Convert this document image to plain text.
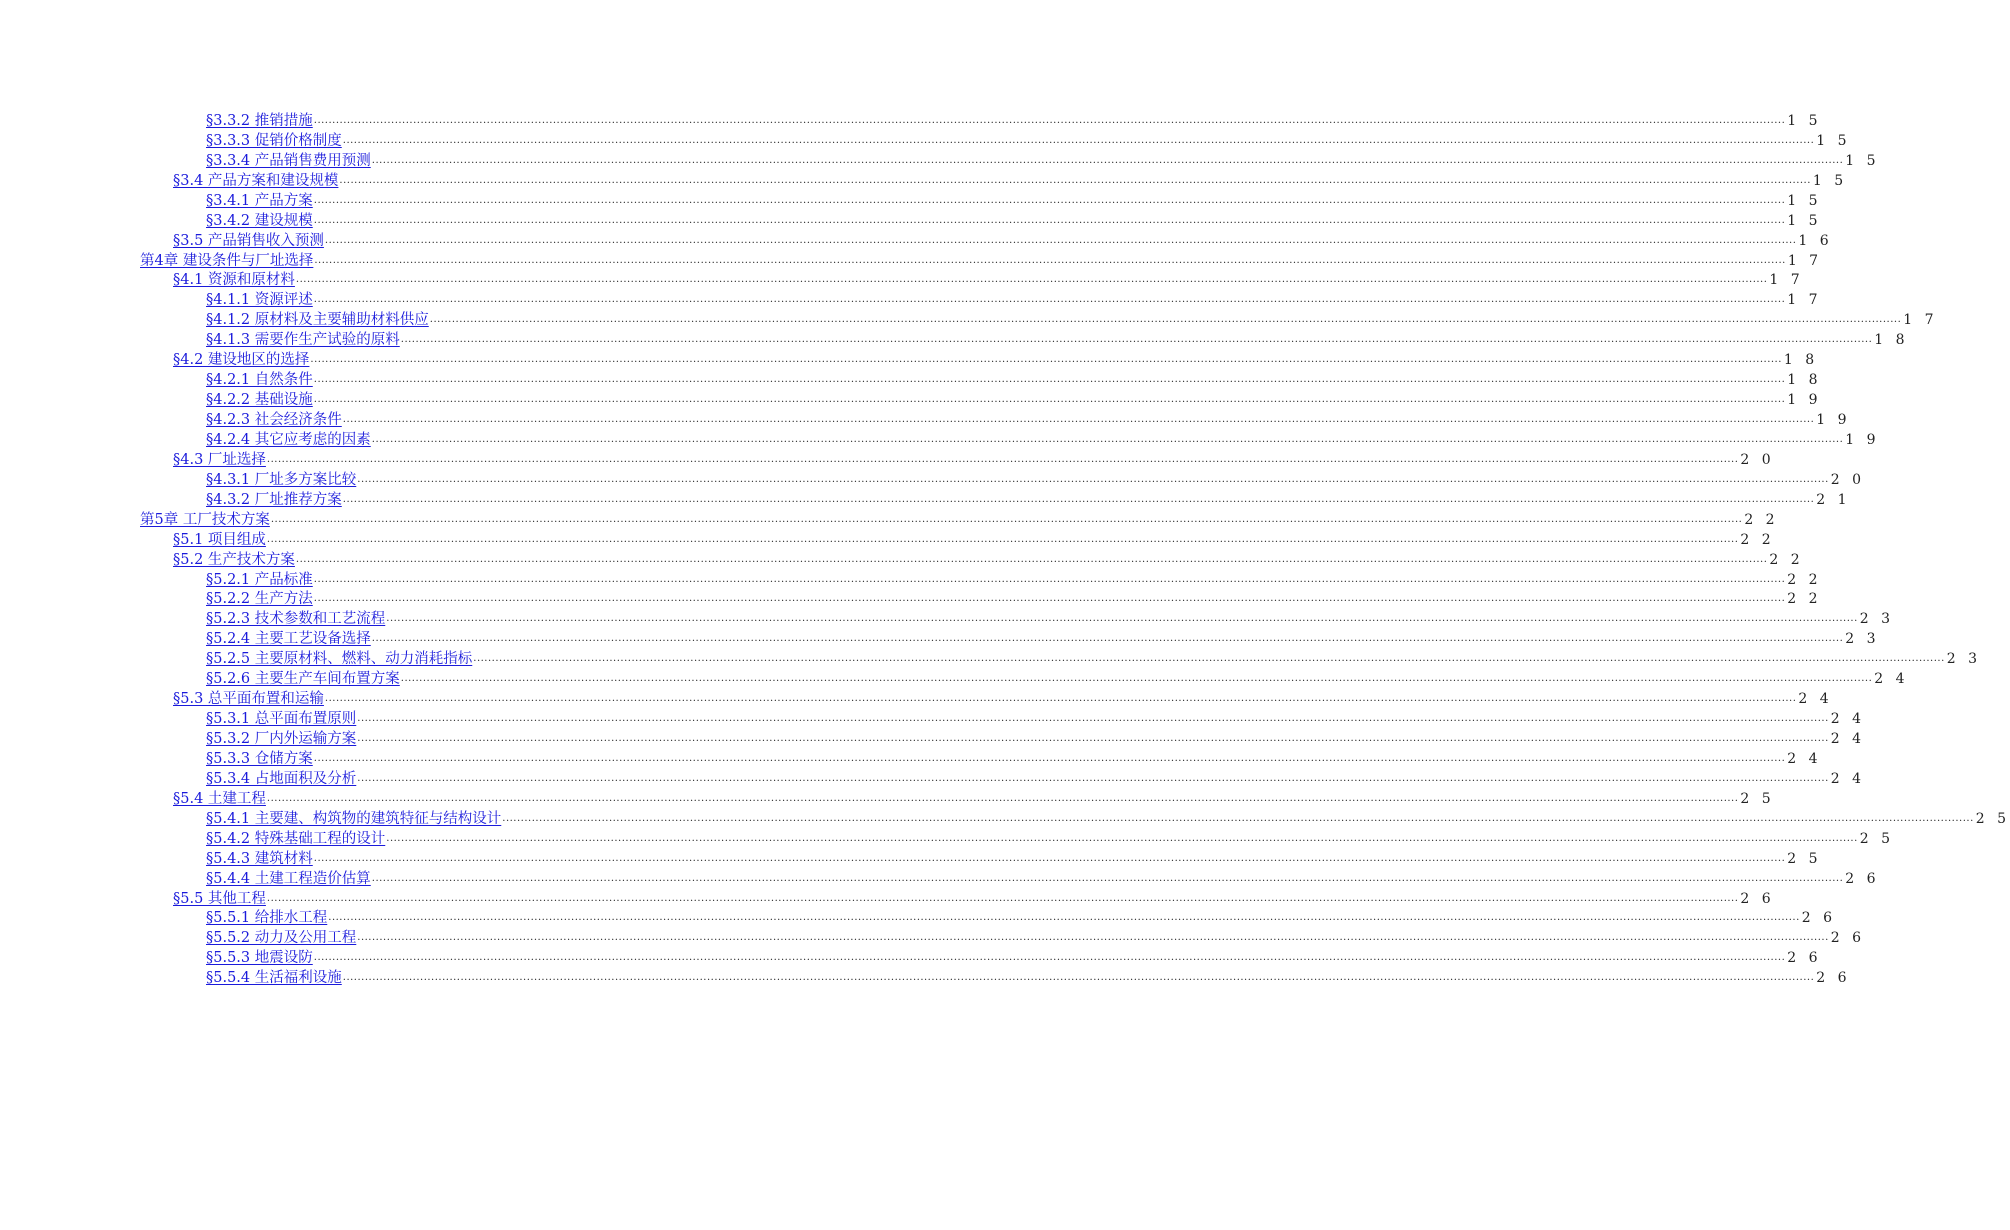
§3.3.2 推销措施 ................................................................................................................................................................................................................................................................................................................................................................................................................ 1 5
§3.3.3 促销价格制度 ................................................................................................................................................................................................................................................................................................................................................................................................................ 1 5
§3.3.4 产品销售费用预测 ................................................................................................................................................................................................................................................................................................................................................................................................................ 1 5
§3.4 产品方案和建设规模 ................................................................................................................................................................................................................................................................................................................................................................................................................ 1 5
§3.4.1 产品方案 ................................................................................................................................................................................................................................................................................................................................................................................................................ 1 5
§3.4.2 建设规模 ................................................................................................................................................................................................................................................................................................................................................................................................................ 1 5
§3.5 产品销售收入预测 ................................................................................................................................................................................................................................................................................................................................................................................................................ 1 6
第4章 建设条件与厂址选择 ................................................................................................................................................................................................................................................................................................................................................................................................................ 1 7
§4.1 资源和原材料 ................................................................................................................................................................................................................................................................................................................................................................................................................ 1 7
§4.1.1 资源评述 ................................................................................................................................................................................................................................................................................................................................................................................................................ 1 7
§4.1.2 原材料及主要辅助材料供应 ................................................................................................................................................................................................................................................................................................................................................................................................................ 1 7
§4.1.3 需要作生产试验的原料 ................................................................................................................................................................................................................................................................................................................................................................................................................ 1 8
§4.2 建设地区的选择 ................................................................................................................................................................................................................................................................................................................................................................................................................ 1 8
§4.2.1 自然条件 ................................................................................................................................................................................................................................................................................................................................................................................................................ 1 8
§4.2.2 基础设施 ................................................................................................................................................................................................................................................................................................................................................................................................................ 1 9
§4.2.3 社会经济条件 ................................................................................................................................................................................................................................................................................................................................................................................................................ 1 9
§4.2.4 其它应考虑的因素 ................................................................................................................................................................................................................................................................................................................................................................................................................ 1 9
§4.3 厂址选择 ................................................................................................................................................................................................................................................................................................................................................................................................................ 2 0
§4.3.1 厂址多方案比较 ................................................................................................................................................................................................................................................................................................................................................................................................................ 2 0
§4.3.2 厂址推荐方案 ................................................................................................................................................................................................................................................................................................................................................................................................................ 2 1
第5章 工厂技术方案 ................................................................................................................................................................................................................................................................................................................................................................................................................ 2 2
§5.1 项目组成 ................................................................................................................................................................................................................................................................................................................................................................................................................ 2 2
§5.2 生产技术方案 ................................................................................................................................................................................................................................................................................................................................................................................................................ 2 2
§5.2.1 产品标准 ................................................................................................................................................................................................................................................................................................................................................................................................................ 2 2
§5.2.2 生产方法 ................................................................................................................................................................................................................................................................................................................................................................................................................ 2 2
§5.2.3 技术参数和工艺流程 ................................................................................................................................................................................................................................................................................................................................................................................................................ 2 3
§5.2.4 主要工艺设备选择 ................................................................................................................................................................................................................................................................................................................................................................................................................ 2 3
§5.2.5 主要原材料、燃料、动力消耗指标 ................................................................................................................................................................................................................................................................................................................................................................................................................ 2 3
§5.2.6 主要生产车间布置方案 ................................................................................................................................................................................................................................................................................................................................................................................................................ 2 4
§5.3 总平面布置和运输 ................................................................................................................................................................................................................................................................................................................................................................................................................ 2 4
§5.3.1 总平面布置原则 ................................................................................................................................................................................................................................................................................................................................................................................................................ 2 4
§5.3.2 厂内外运输方案 ................................................................................................................................................................................................................................................................................................................................................................................................................ 2 4
§5.3.3 仓储方案 ................................................................................................................................................................................................................................................................................................................................................................................................................ 2 4
§5.3.4 占地面积及分析 ................................................................................................................................................................................................................................................................................................................................................................................................................ 2 4
§5.4 土建工程 ................................................................................................................................................................................................................................................................................................................................................................................................................ 2 5
§5.4.1 主要建、构筑物的建筑特征与结构设计 ................................................................................................................................................................................................................................................................................................................................................................................................................ 2 5
§5.4.2 特殊基础工程的设计 ................................................................................................................................................................................................................................................................................................................................................................................................................ 2 5
§5.4.3 建筑材料 ................................................................................................................................................................................................................................................................................................................................................................................................................ 2 5
§5.4.4 土建工程造价估算 ................................................................................................................................................................................................................................................................................................................................................................................................................ 2 6
§5.5 其他工程 ................................................................................................................................................................................................................................................................................................................................................................................................................ 2 6
§5.5.1 给排水工程 ................................................................................................................................................................................................................................................................................................................................................................................................................ 2 6
§5.5.2 动力及公用工程 ................................................................................................................................................................................................................................................................................................................................................................................................................ 2 6
§5.5.3 地震设防 ................................................................................................................................................................................................................................................................................................................................................................................................................ 2 6
§5.5.4 生活福利设施 ................................................................................................................................................................................................................................................................................................................................................................................................................ 2 6
